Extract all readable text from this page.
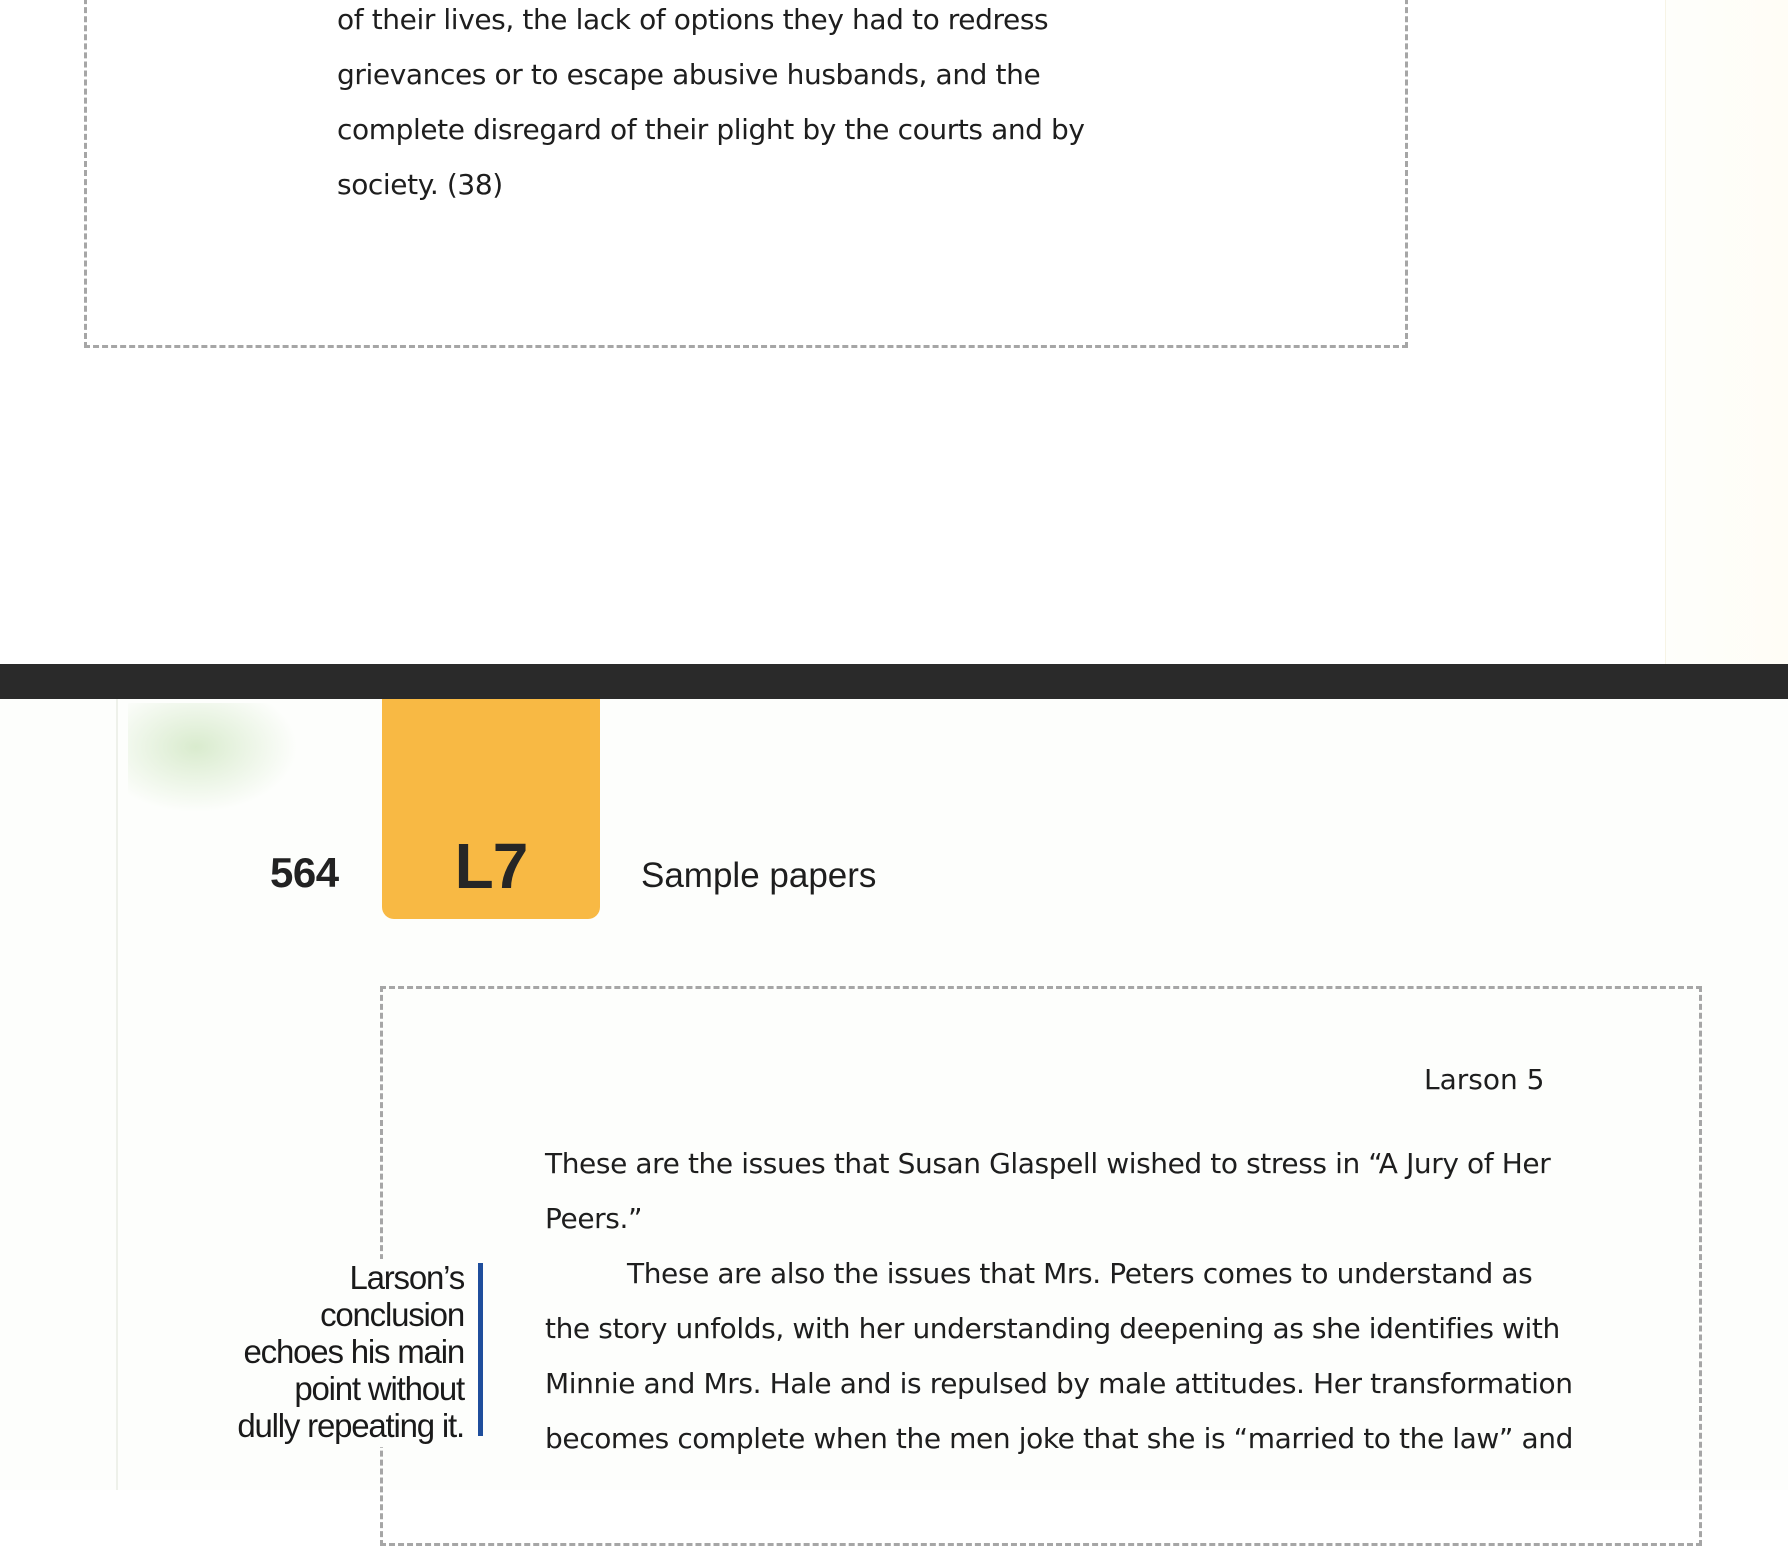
of their lives, the lack of options they had to redress
grievances or to escape abusive husbands, and the
complete disregard of their plight by the courts and by
society. (38)
564	L7	Sample papers
Larson 5
These are the issues that Susan Glaspell wished to stress in “A Jury of Her
Peers.”
These are also the issues that Mrs. Peters comes to understand as
the story unfolds, with her understanding deepening as she identifies with
Minnie and Mrs. Hale and is repulsed by male attitudes. Her transformation
becomes complete when the men joke that she is “married to the law” and
Larson’s
conclusion
echoes his main
point without
dully repeating it.
